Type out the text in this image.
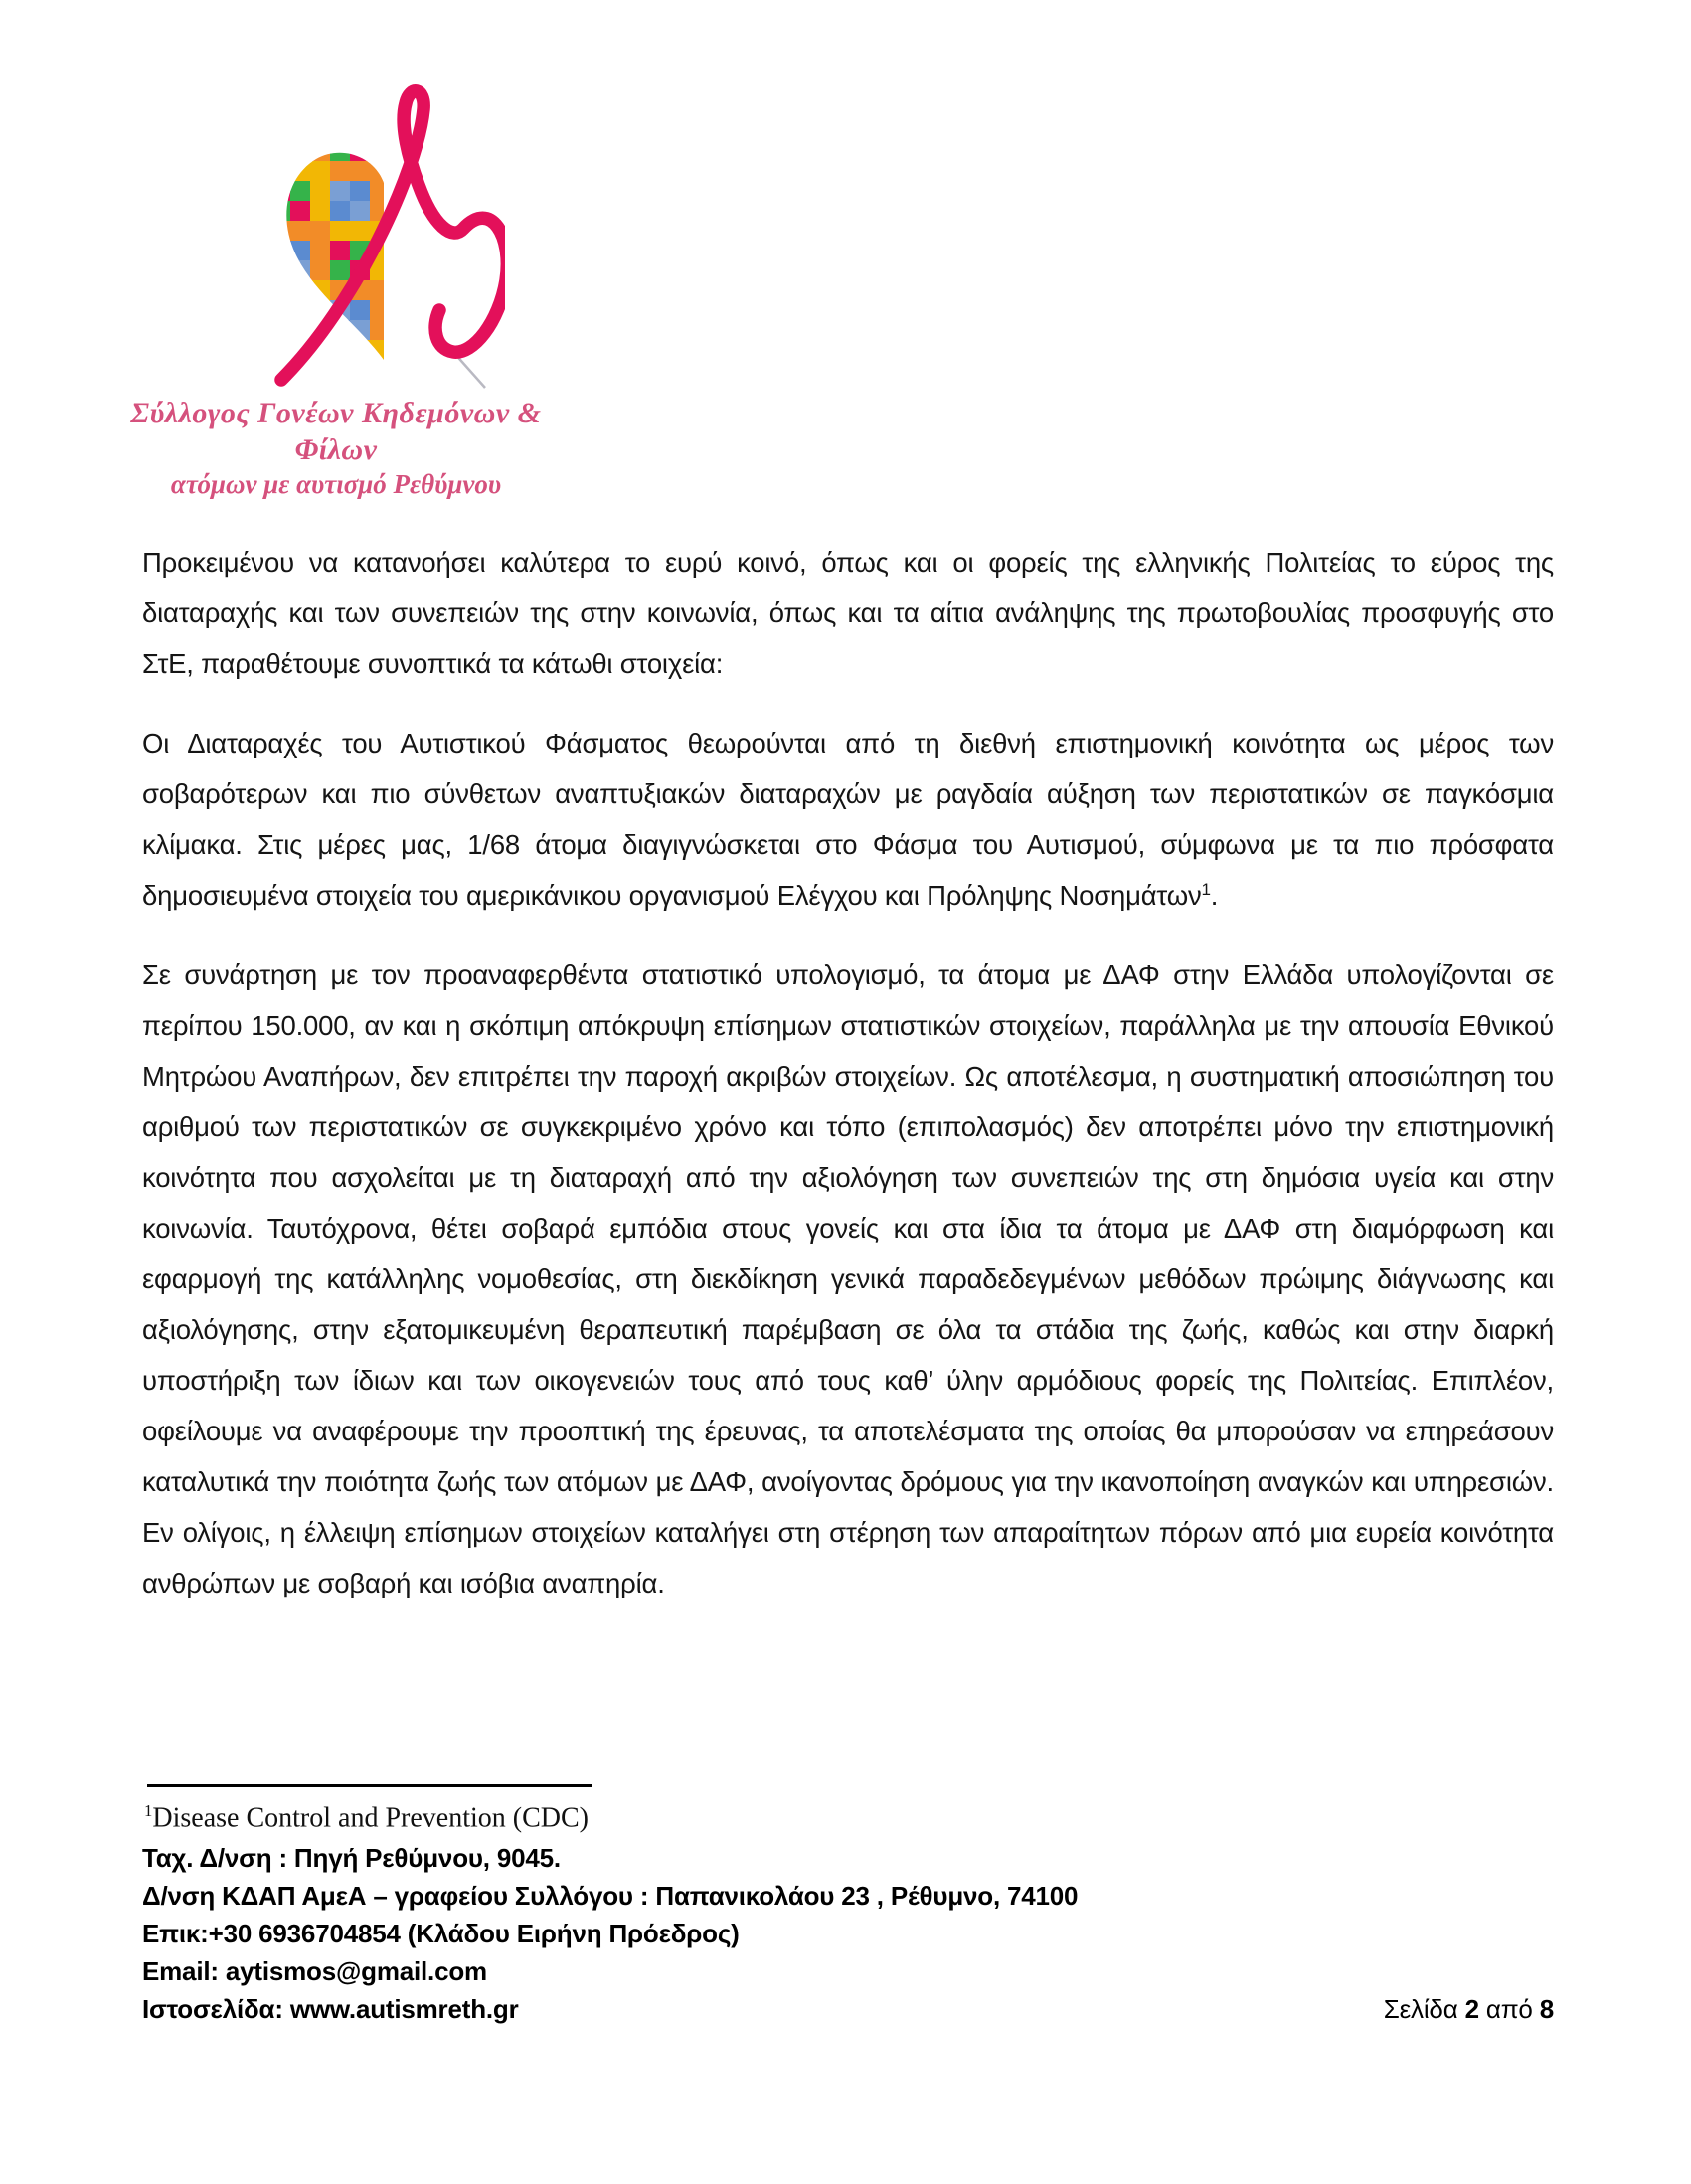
Σύλλογος Γονέων Κηδεμόνων & Φίλων
ατόμων με αυτισμό Ρεθύμνου

Προκειμένου να κατανοήσει καλύτερα το ευρύ κοινό, όπως και οι φορείς της ελληνικής Πολιτείας το εύρος της διαταραχής και των συνεπειών της στην κοινωνία, όπως και τα αίτια ανάληψης της πρωτοβουλίας προσφυγής στο ΣτΕ, παραθέτουμε συνοπτικά τα κάτωθι στοιχεία:

Οι Διαταραχές του Αυτιστικού Φάσματος θεωρούνται από τη διεθνή επιστημονική κοινότητα ως μέρος των σοβαρότερων και πιο σύνθετων αναπτυξιακών διαταραχών με ραγδαία αύξηση των περιστατικών σε παγκόσμια κλίμακα. Στις μέρες μας, 1/68 άτομα διαγιγνώσκεται στο Φάσμα του Αυτισμού, σύμφωνα με τα πιο πρόσφατα δημοσιευμένα στοιχεία του αμερικάνικου οργανισμού Ελέγχου και Πρόληψης Νοσημάτων$^1$.

Σε συνάρτηση με τον προαναφερθέντα στατιστικό υπολογισμό, τα άτομα με ΔΑΦ στην Ελλάδα υπολογίζονται σε περίπου 150.000, αν και η σκόπιμη απόκρυψη επίσημων στατιστικών στοιχείων, παράλληλα με την απουσία Εθνικού Μητρώου Αναπήρων, δεν επιτρέπει την παροχή ακριβών στοιχείων. Ως αποτέλεσμα, η συστηματική αποσιώπηση του αριθμού των περιστατικών σε συγκεκριμένο χρόνο και τόπο (επιπολασμός) δεν αποτρέπει μόνο την επιστημονική κοινότητα που ασχολείται με τη διαταραχή από την αξιολόγηση των συνεπειών της στη δημόσια υγεία και στην κοινωνία. Ταυτόχρονα, θέτει σοβαρά εμπόδια στους γονείς και στα ίδια τα άτομα με ΔΑΦ στη διαμόρφωση και εφαρμογή της κατάλληλης νομοθεσίας, στη διεκδίκηση γενικά παραδεδεγμένων μεθόδων πρώιμης διάγνωσης και αξιολόγησης, στην εξατομικευμένη θεραπευτική παρέμβαση σε όλα τα στάδια της ζωής, καθώς και στην διαρκή υποστήριξη των ίδιων και των οικογενειών τους από τους καθ’ ύλην αρμόδιους φορείς της Πολιτείας. Επιπλέον, οφείλουμε να αναφέρουμε την προοπτική της έρευνας, τα αποτελέσματα της οποίας θα μπορούσαν να επηρεάσουν καταλυτικά την ποιότητα ζωής των ατόμων με ΔΑΦ, ανοίγοντας δρόμους για την ικανοποίηση αναγκών και υπηρεσιών. Εν ολίγοις, η έλλειψη επίσημων στοιχείων καταλήγει στη στέρηση των απαραίτητων πόρων από μια ευρεία κοινότητα ανθρώπων με σοβαρή και ισόβια αναπηρία.

$^1$Disease Control and Prevention (CDC)
Ταχ. Δ/νση : Πηγή Ρεθύμνου, 9045.
Δ/νση ΚΔΑΠ ΑμεΑ – γραφείου Συλλόγου : Παπανικολάου 23 , Ρέθυμνο, 74100
Επικ:+30 6936704854 (Κλάδου Ειρήνη Πρόεδρος)
Email: aytismos@gmail.com
Ιστοσελίδα: www.autismreth.gr	Σελίδα 2 από 8
